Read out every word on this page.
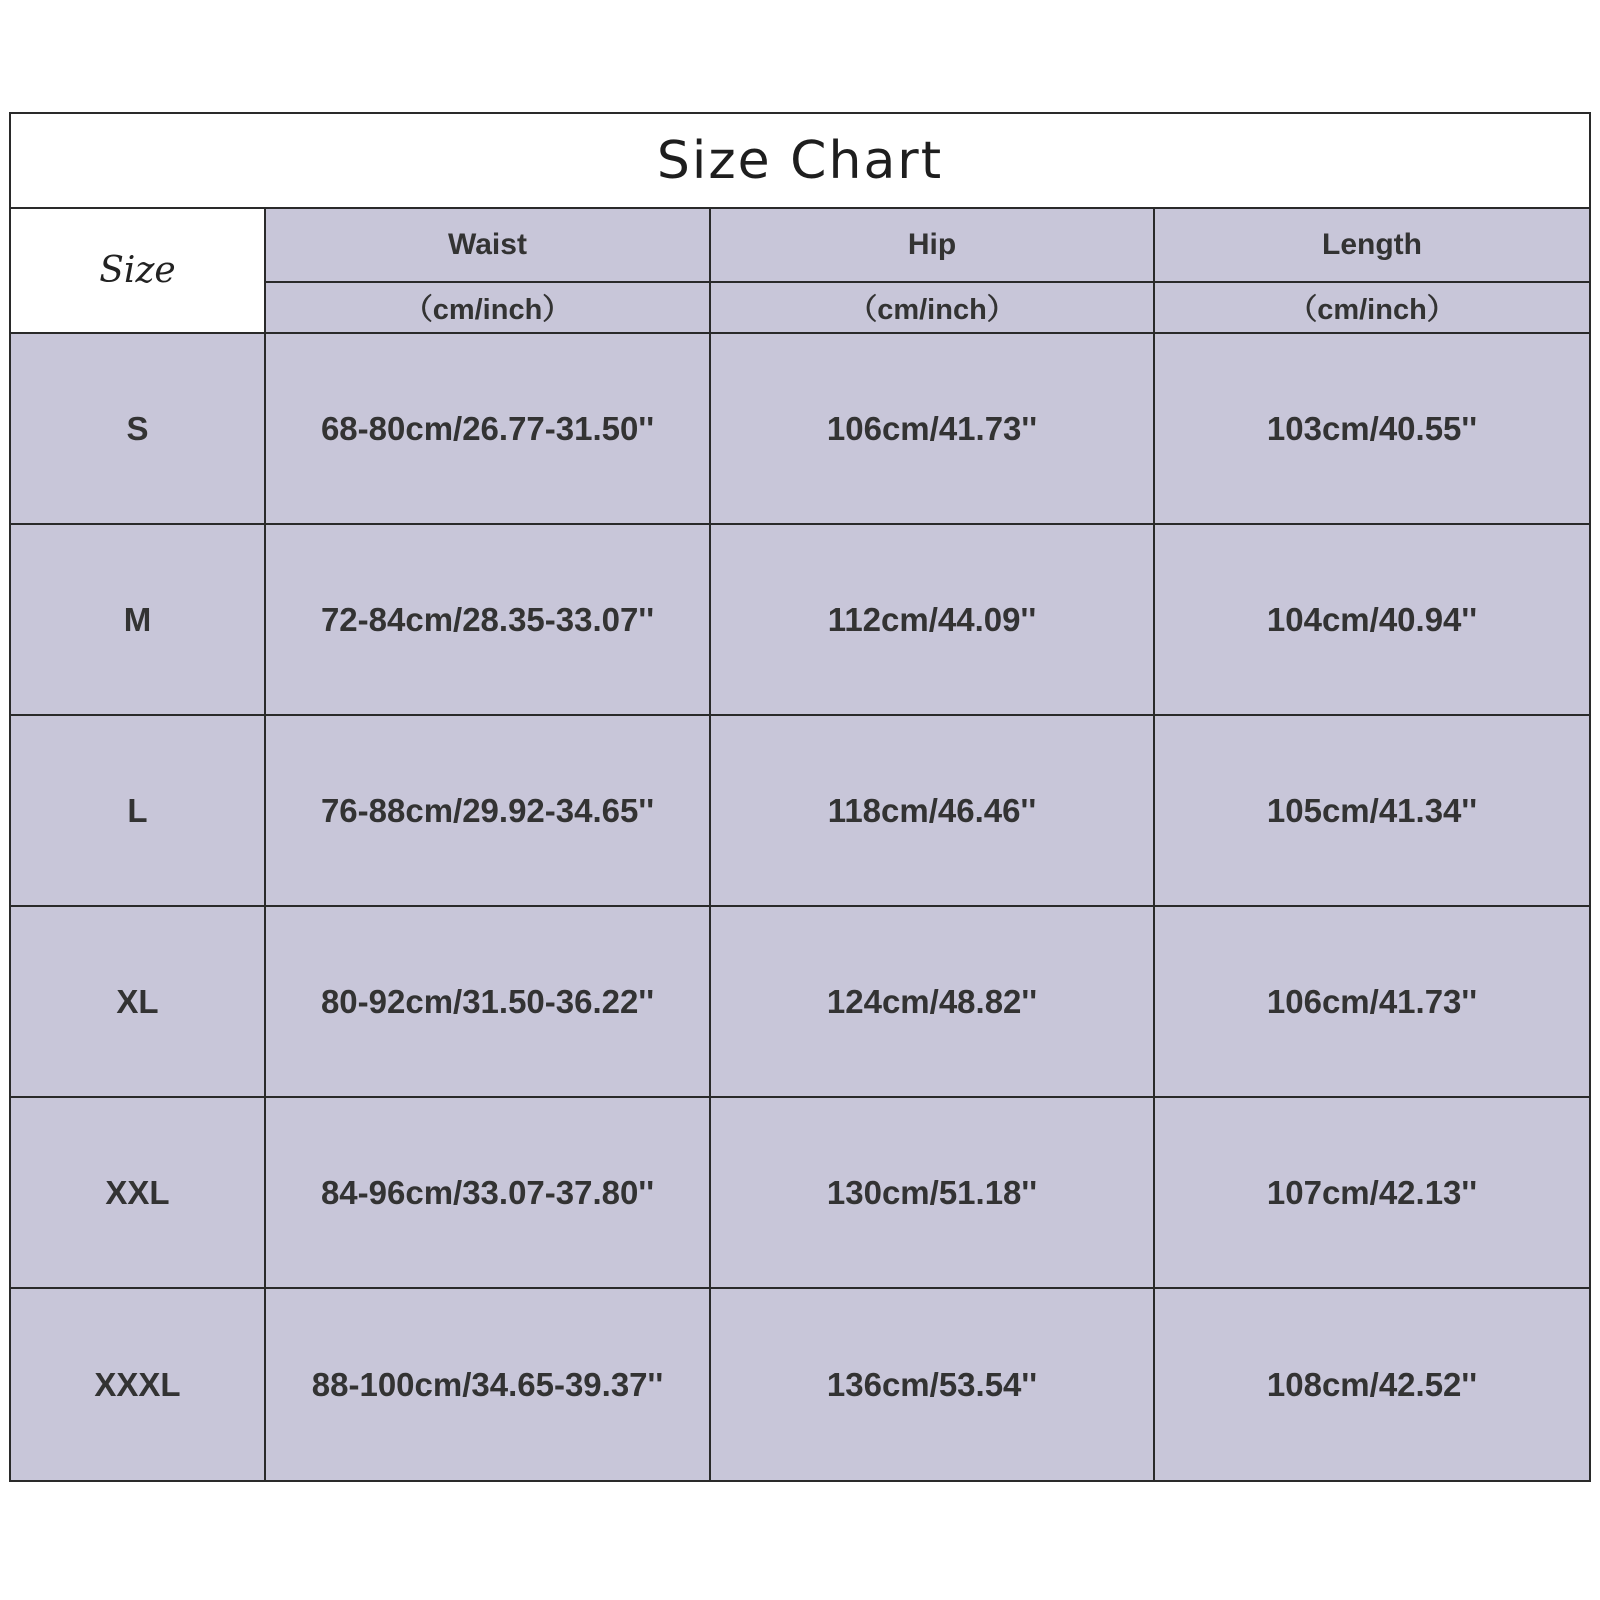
Size Chart
Size
Waist	Hip	Length
（cm/inch）	（cm/inch）	（cm/inch）
S	68-80cm/26.77-31.50''	106cm/41.73''	103cm/40.55''
M	72-84cm/28.35-33.07''	112cm/44.09''	104cm/40.94''
L	76-88cm/29.92-34.65''	118cm/46.46''	105cm/41.34''
XL	80-92cm/31.50-36.22''	124cm/48.82''	106cm/41.73''
XXL	84-96cm/33.07-37.80''	130cm/51.18''	107cm/42.13''
XXXL	88-100cm/34.65-39.37''	136cm/53.54''	108cm/42.52''
